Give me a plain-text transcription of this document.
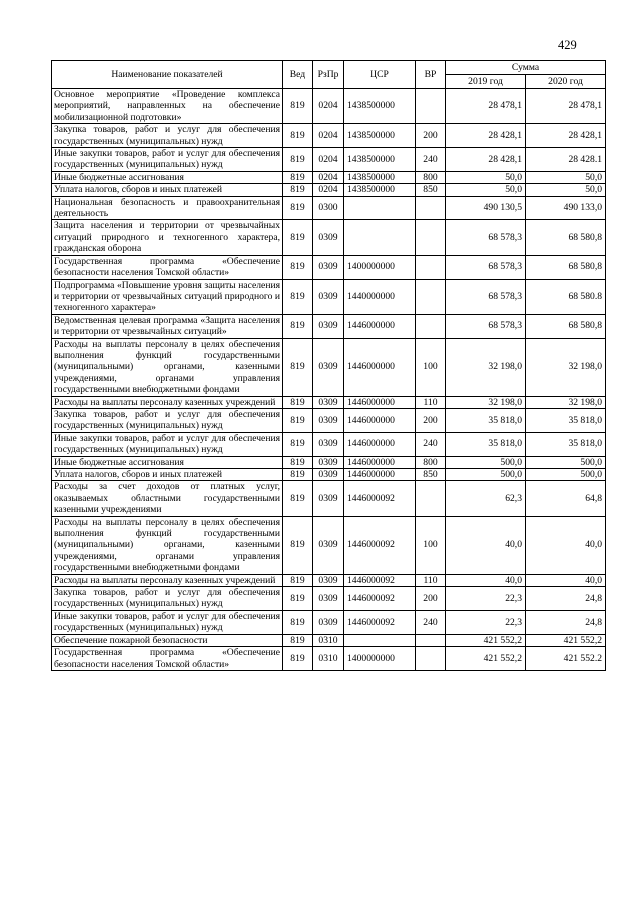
429
Наименование показателей	Вед	РзПр	ЦСР	ВР	Сумма	
					2019 год	2020 год
Основное мероприятие «Проведение комплекса мероприятий, направленных на обеспечение мобилизационной подготовки»	819	0204	1438500000		28 478,1	28 478,1
Закупка товаров, работ и услуг для обеспечения государственных (муниципальных) нужд	819	0204	1438500000	200	28 428,1	28 428,1
Иные закупки товаров, работ и услуг для обеспечения государственных (муниципальных) нужд	819	0204	1438500000	240	28 428,1	28 428.1
Иные бюджетные ассигнования	819	0204	1438500000	800	50,0	50,0
Уплата налогов, сборов и иных платежей	819	0204	1438500000	850	50,0	50,0
Национальная безопасность и правоохранительная деятельность	819	0300			490 130,5	490 133,0
Защита населения и территории от чрезвычайных ситуаций природного и техногенного характера, гражданская оборона	819	0309			68 578,3	68 580,8
Государственная программа «Обеспечение безопасности населения Томской области»	819	0309	1400000000		68 578,3	68 580,8
Подпрограмма «Повышение уровня защиты населения и территории от чрезвычайных ситуаций природного и техногенного характера»	819	0309	1440000000		68 578,3	68 580.8
Ведомственная целевая программа «Защита населения и территории от чрезвычайных ситуаций»	819	0309	1446000000		68 578,3	68 580,8
Расходы на выплаты персоналу в целях обеспечения выполнения функций государственными (муниципальными) органами, казенными учреждениями, органами управления государственными внебюджетными фондами	819	0309	1446000000	100	32 198,0	32 198,0
Расходы на выплаты персоналу казенных учреждений	819	0309	1446000000	110	32 198,0	32 198,0
Закупка товаров, работ и услуг для обеспечения государственных (муниципальных) нужд	819	0309	1446000000	200	35 818,0	35 818,0
Иные закупки товаров, работ и услуг для обеспечения государственных (муниципальных) нужд	819	0309	1446000000	240	35 818,0	35 818,0
Иные бюджетные ассигнования	819	0309	1446000000	800	500,0	500,0
Уплата налогов, сборов и иных платежей	819	0309	1446000000	850	500,0	500,0
Расходы за счет доходов от платных услуг, оказываемых областными государственными казенными учреждениями	819	0309	1446000092		62,3	64,8
Расходы на выплаты персоналу в целях обеспечения выполнения функций государственными (муниципальными) органами, казенными учреждениями, органами управления государственными внебюджетными фондами	819	0309	1446000092	100	40,0	40,0
Расходы на выплаты персоналу казенных учреждений	819	0309	1446000092	110	40,0	40,0
Закупка товаров, работ и услуг для обеспечения государственных (муниципальных) нужд	819	0309	1446000092	200	22,3	24,8
Иные закупки товаров, работ и услуг для обеспечения государственных (муниципальных) нужд	819	0309	1446000092	240	22,3	24,8
Обеспечение пожарной безопасности	819	0310			421 552,2	421 552,2
Государственная программа «Обеспечение безопасности населения Томской области»	819	0310	1400000000		421 552,2	421 552.2
